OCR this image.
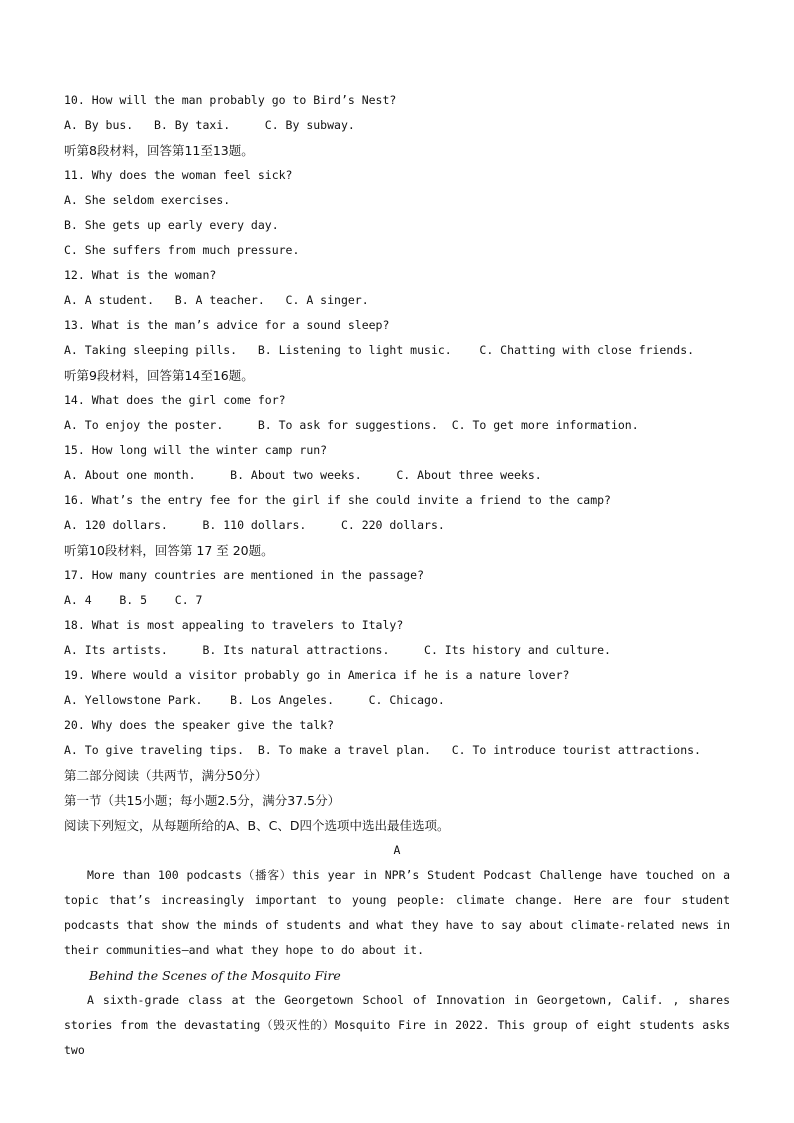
10. How will the man probably go to Bird’s Nest?
A. By bus.   B. By taxi.     C. By subway.
听第8段材料，回答第11至13题。
11. Why does the woman feel sick?
A. She seldom exercises.
B. She gets up early every day.
C. She suffers from much pressure.
12. What is the woman?
A. A student.   B. A teacher.   C. A singer.
13. What is the man’s advice for a sound sleep?
A. Taking sleeping pills.   B. Listening to light music.    C. Chatting with close friends.
听第9段材料，回答第14至16题。
14. What does the girl come for?
A. To enjoy the poster.     B. To ask for suggestions.  C. To get more information.
15. How long will the winter camp run?
A. About one month.     B. About two weeks.     C. About three weeks.
16. What’s the entry fee for the girl if she could invite a friend to the camp?
A. 120 dollars.     B. 110 dollars.     C. 220 dollars.
听第10段材料，回答第 17 至 20题。
17. How many countries are mentioned in the passage?
A. 4    B. 5    C. 7
18. What is most appealing to travelers to Italy?
A. Its artists.     B. Its natural attractions.     C. Its history and culture.
19. Where would a visitor probably go in America if he is a nature lover?
A. Yellowstone Park.    B. Los Angeles.     C. Chicago.
20. Why does the speaker give the talk?
A. To give traveling tips.  B. To make a travel plan.   C. To introduce tourist attractions.
第二部分阅读（共两节，满分50分）
第一节（共15小题；每小题2.5分，满分37.5分）
阅读下列短文，从每题所给的A、B、C、D四个选项中选出最佳选项。
A

More than 100 podcasts（播客）this year in NPR’s Student Podcast Challenge have touched on a topic that’s increasingly important to young people: climate change. Here are four student podcasts that show the minds of students and what they have to say about climate-related news in their communities—and what they hope to do about it.

Behind the Scenes of the Mosquito Fire

A sixth-grade class at the Georgetown School of Innovation in Georgetown, Calif. , shares stories from the devastating（毁灭性的）Mosquito Fire in 2022. This group of eight students asks two
